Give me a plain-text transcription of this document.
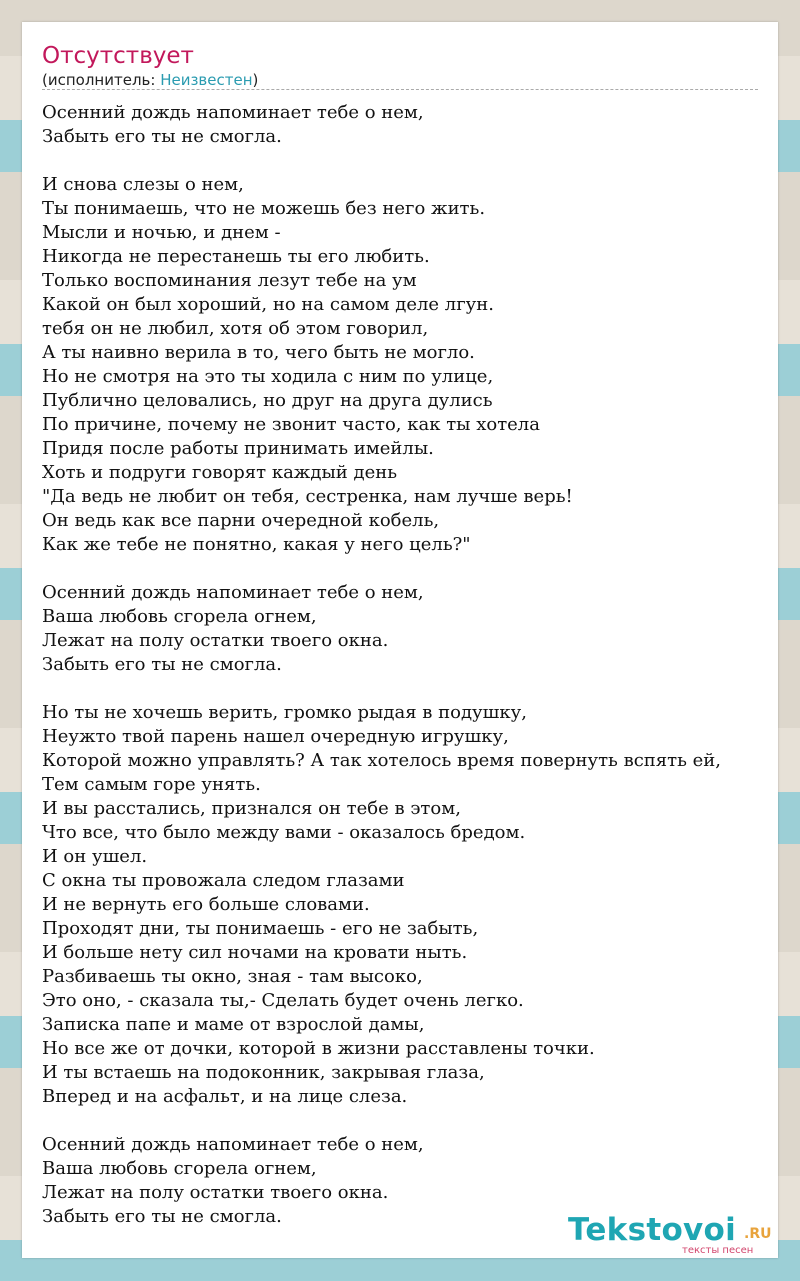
Отсутствует
(исполнитель: Неизвестен)
Осенний дождь напоминает тебе о нем,
Забыть его ты не смогла.
И снова слезы о нем,
Ты понимаешь, что не можешь без него жить.
Мысли и ночью, и днем -
Никогда не перестанешь ты его любить.
Только воспоминания лезут тебе на ум
Какой он был хороший, но на самом деле лгун.
тебя он не любил, хотя об этом говорил,
А ты наивно верила в то, чего быть не могло.
Но не смотря на это ты ходила с ним по улице,
Публично целовались, но друг на друга дулись
По причине, почему не звонит часто, как ты хотела
Придя после работы принимать имейлы.
Хоть и подруги говорят каждый день
"Да ведь не любит он тебя, сестренка, нам лучше верь!
Он ведь как все парни очередной кобель,
Как же тебе не понятно, какая у него цель?"
Осенний дождь напоминает тебе о нем,
Ваша любовь сгорела огнем,
Лежат на полу остатки твоего окна.
Забыть его ты не смогла.
Но ты не хочешь верить, громко рыдая в подушку,
Неужто твой парень нашел очередную игрушку,
Которой можно управлять? А так хотелось время повернуть вспять ей,
Тем самым горе унять.
И вы расстались, признался он тебе в этом,
Что все, что было между вами - оказалось бредом.
И он ушел.
С окна ты провожала следом глазами
И не вернуть его больше словами.
Проходят дни, ты понимаешь - его не забыть,
И больше нету сил ночами на кровати ныть.
Разбиваешь ты окно, зная - там высоко,
Это оно, - сказала ты,- Сделать будет очень легко.
Записка папе и маме от взрослой дамы,
Но все же от дочки, которой в жизни расставлены точки.
И ты встаешь на подоконник, закрывая глаза,
Вперед и на асфальт, и на лице слеза.
Осенний дождь напоминает тебе о нем,
Ваша любовь сгорела огнем,
Лежат на полу остатки твоего окна.
Забыть его ты не смогла.	Tekstovoi .RU
тексты песен
